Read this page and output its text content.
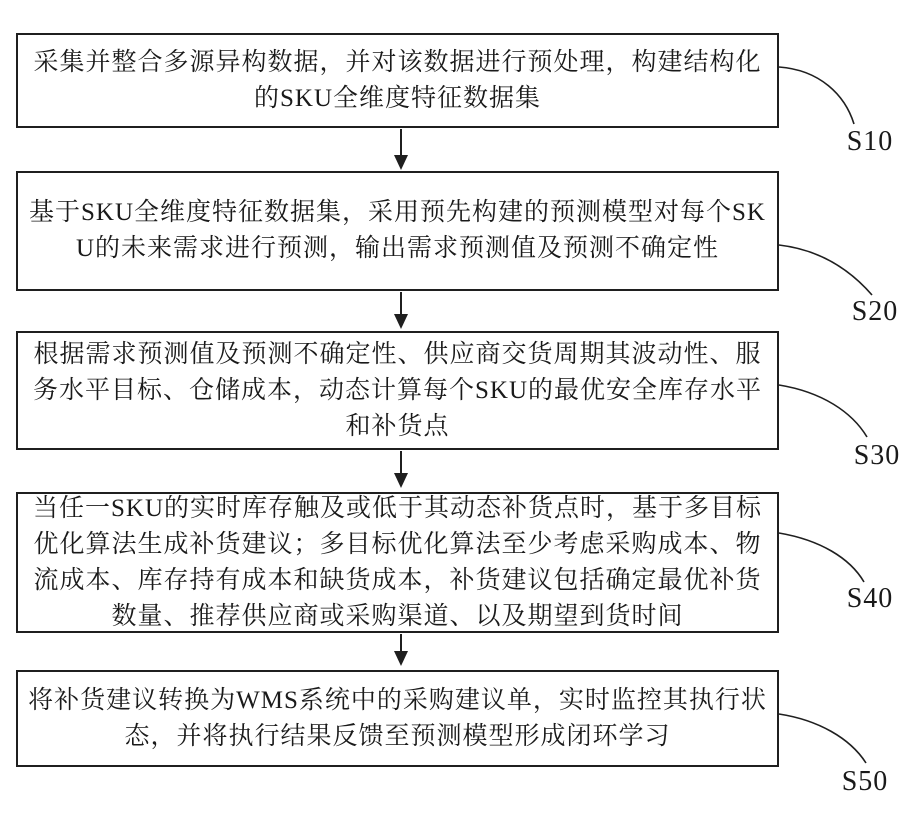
采集并整合多源异构数据，并对该数据进行预处理，构建结构化
的SKU全维度特征数据集
基于SKU全维度特征数据集，采用预先构建的预测模型对每个SK
U的未来需求进行预测，输出需求预测值及预测不确定性
根据需求预测值及预测不确定性、供应商交货周期其波动性、服
务水平目标、仓储成本，动态计算每个SKU的最优安全库存水平
和补货点
当任一SKU的实时库存触及或低于其动态补货点时，基于多目标
优化算法生成补货建议；多目标优化算法至少考虑采购成本、物
流成本、库存持有成本和缺货成本，补货建议包括确定最优补货
数量、推荐供应商或采购渠道、以及期望到货时间
将补货建议转换为WMS系统中的采购建议单，实时监控其执行状
态，并将执行结果反馈至预测模型形成闭环学习
S10
S20
S30
S40
S50
